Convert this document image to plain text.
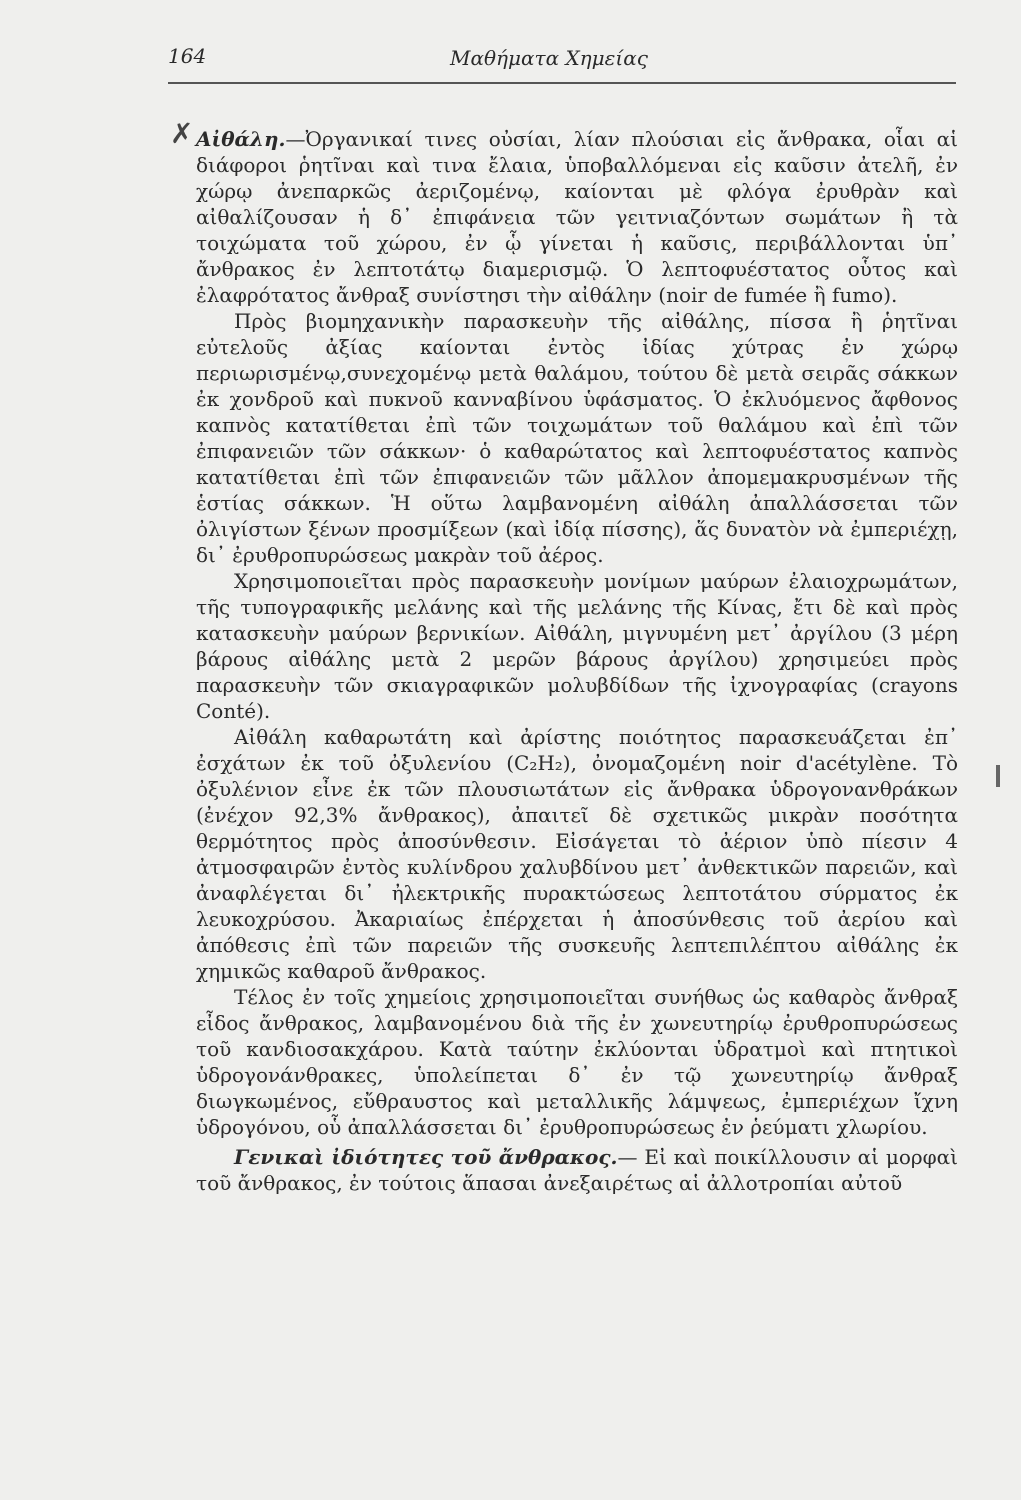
164	Μαθήματα Χημείας
✗ Αἰθάλη.—Ὀργανικαί τινες οὐσίαι, λίαν πλούσιαι εἰς ἄνθρακα, οἷαι αἱ διάφοροι ῥητῖναι καὶ τινα ἔλαια, ὑποβαλλόμεναι εἰς καῦσιν ἀτελῆ, ἐν χώρῳ ἀνεπαρκῶς ἀεριζομένῳ, καίονται μὲ φλόγα ἐρυθρὰν καὶ αἰθαλίζουσαν ἡ δ᾽ ἐπιφάνεια τῶν γειτνιαζόντων σωμάτων ἢ τὰ τοιχώματα τοῦ χώρου, ἐν ᾧ γίνεται ἡ καῦσις, περιβάλλονται ὑπ᾽ ἄνθρακος ἐν λεπτοτάτῳ διαμερισμῷ. Ὁ λεπτοφυέστατος οὗτος καὶ ἐλαφρότατος ἄνθραξ συνίστησι τὴν αἰθάλην (noir de fumée ἢ fumo).

Πρὸς βιομηχανικὴν παρασκευὴν τῆς αἰθάλης, πίσσα ἢ ῥητῖναι εὐτελοῦς ἀξίας καίονται ἐντὸς ἰδίας χύτρας ἐν χώρῳ περιωρισμένῳ,συνεχομένῳ μετὰ θαλάμου, τούτου δὲ μετὰ σειρᾶς σάκκων ἐκ χονδροῦ καὶ πυκνοῦ κανναβίνου ὑφάσματος. Ὁ ἐκλυόμενος ἄφθονος καπνὸς κατατίθεται ἐπὶ τῶν τοιχωμάτων τοῦ θαλάμου καὶ ἐπὶ τῶν ἐπιφανειῶν τῶν σάκκων· ὁ καθαρώτατος καὶ λεπτοφυέστατος καπνὸς κατατίθεται ἐπὶ τῶν ἐπιφανειῶν τῶν μᾶλλον ἀπομεμακρυσμένων τῆς ἑστίας σάκκων. Ἡ οὕτω λαμβανομένη αἰθάλη ἀπαλλάσσεται τῶν ὀλιγίστων ξένων προσμίξεων (καὶ ἰδίᾳ πίσσης), ἅς δυνατὸν νὰ ἐμπεριέχῃ, δι᾽ ἐρυθροπυρώσεως μακρὰν τοῦ ἀέρος.

Χρησιμοποιεῖται πρὸς παρασκευὴν μονίμων μαύρων ἐλαιοχρωμάτων, τῆς τυπογραφικῆς μελάνης καὶ τῆς μελάνης τῆς Κίνας, ἔτι δὲ καὶ πρὸς κατασκευὴν μαύρων βερνικίων. Αἰθάλη, μιγνυμένη μετ᾽ ἀργίλου (3 μέρη βάρους αἰθάλης μετὰ 2 μερῶν βάρους ἀργίλου) χρησιμεύει πρὸς παρασκευὴν τῶν σκιαγραφικῶν μολυβδίδων τῆς ἰχνογραφίας (crayons Conté).

Αἰθάλη καθαρωτάτη καὶ ἀρίστης ποιότητος παρασκευάζεται ἐπ᾽ ἐσχάτων ἐκ τοῦ ὀξυλενίου (C₂H₂), ὀνομαζομένη noir d'acétylène. Τὸ ὀξυλένιον εἶνε ἐκ τῶν πλουσιωτάτων εἰς ἄνθρακα ὑδρογονανθράκων (ἐνέχον 92,3% ἄνθρακος), ἀπαιτεῖ δὲ σχετικῶς μικρὰν ποσότητα θερμότητος πρὸς ἀποσύνθεσιν. Εἰσάγεται τὸ ἀέριον ὑπὸ πίεσιν 4 ἀτμοσφαιρῶν ἐντὸς κυλίνδρου χαλυβδίνου μετ᾽ ἀνθεκτικῶν παρειῶν, καὶ ἀναφλέγεται δι᾽ ἠλεκτρικῆς πυρακτώσεως λεπτοτάτου σύρματος ἐκ λευκοχρύσου. Ἀκαριαίως ἐπέρχεται ἡ ἀποσύνθεσις τοῦ ἀερίου καὶ ἀπόθεσις ἐπὶ τῶν παρειῶν τῆς συσκευῆς λεπτεπιλέπτου αἰθάλης ἐκ χημικῶς καθαροῦ ἄνθρακος.

Τέλος ἐν τοῖς χημείοις χρησιμοποιεῖται συνήθως ὡς καθαρὸς ἄνθραξ εἶδος ἄνθρακος, λαμβανομένου διὰ τῆς ἐν χωνευτηρίῳ ἐρυθροπυρώσεως τοῦ κανδιοσακχάρου. Κατὰ ταύτην ἐκλύονται ὑδρατμοὶ καὶ πτητικοὶ ὑδρογονάνθρακες, ὑπολείπεται δ᾽ ἐν τῷ χωνευτηρίῳ ἄνθραξ διωγκωμένος, εὔθραυστος καὶ μεταλλικῆς λάμψεως, ἐμπεριέχων ἴχνη ὑδρογόνου, οὗ ἀπαλλάσσεται δι᾽ ἐρυθροπυρώσεως ἐν ῥεύματι χλωρίου.

Γενικαὶ ἰδιότητες τοῦ ἄνθρακος.— Εἰ καὶ ποικίλλουσιν αἱ μορφαὶ τοῦ ἄνθρακος, ἐν τούτοις ἅπασαι ἀνεξαιρέτως αἱ ἀλλοτροπίαι αὐτοῦ
